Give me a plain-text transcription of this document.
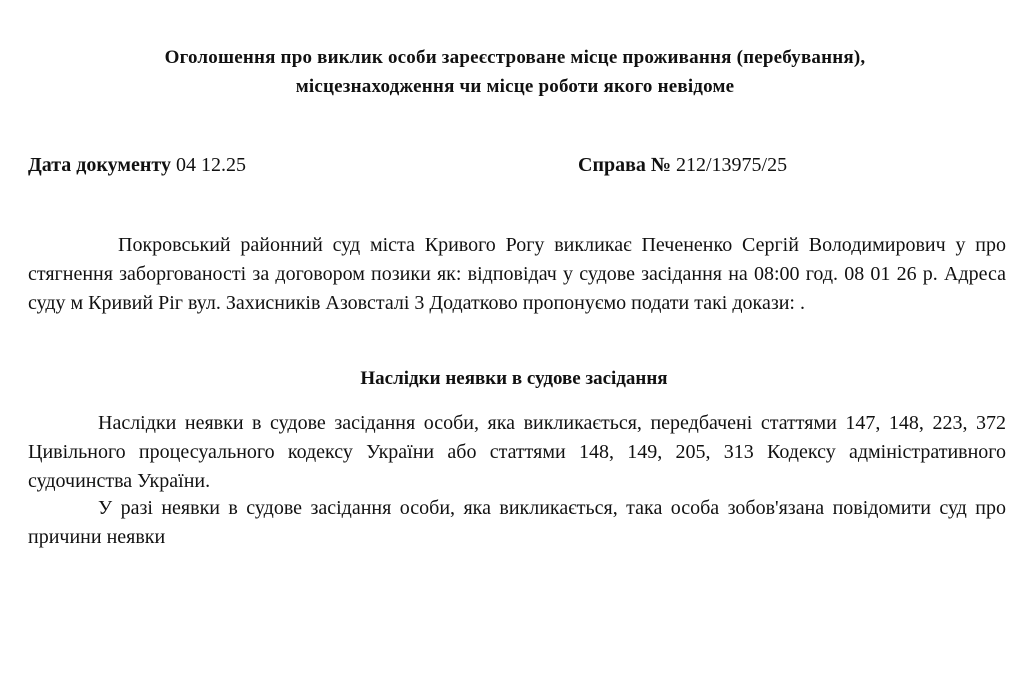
Оголошення про виклик особи зареєстроване місце проживання (перебування),
місцезнаходження чи місце роботи якого невідоме
Дата документу 04 12.25	Справа № 212/13975/25
Покровський районний суд міста Кривого Рогу викликає Печененко Сергій Володимирович у про стягнення заборгованості за договором позики як: відповідач у судове засідання на 08:00 год. 08 01 26 р. Адреса суду м Кривий Ріг вул. Захисників Азовсталі 3 Додатково пропонуємо подати такі докази: .
Наслідки неявки в судове засідання
Наслідки неявки в судове засідання особи, яка викликається, передбачені статтями 147, 148, 223, 372 Цивільного процесуального кодексу України або статтями 148, 149, 205, 313 Кодексу адміністративного судочинства України.
У разі неявки в судове засідання особи, яка викликається, така особа зобов'язана повідомити суд про причини неявки
